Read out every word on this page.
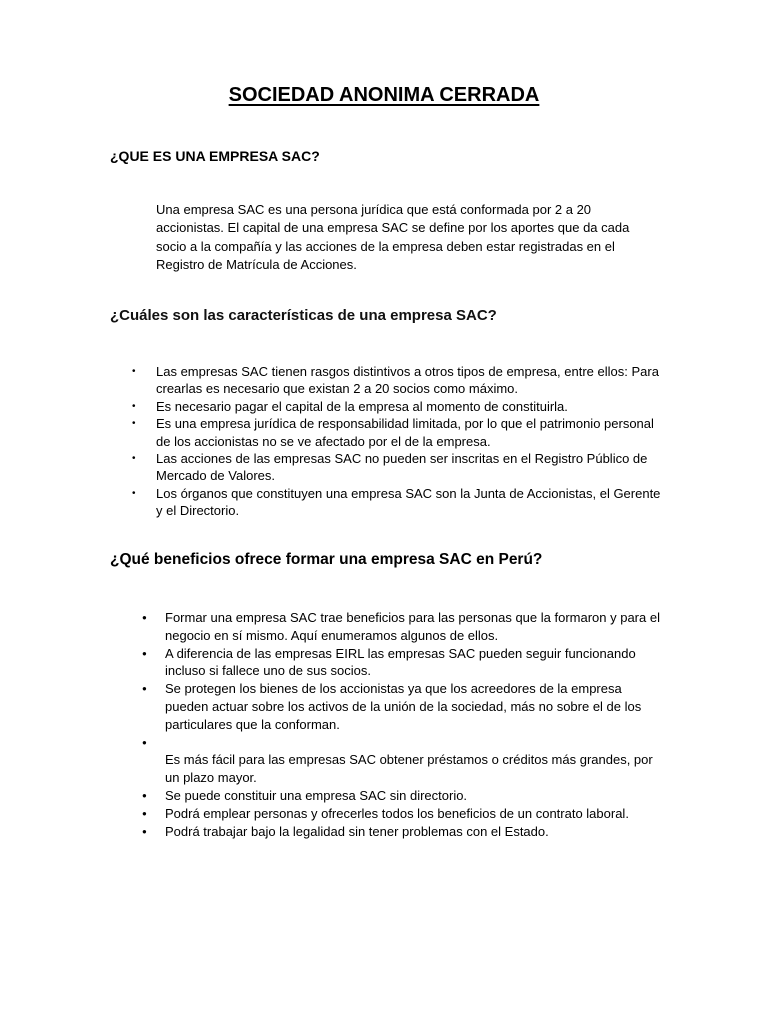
SOCIEDAD ANONIMA CERRADA
¿QUE ES UNA EMPRESA SAC?

Una empresa SAC es una persona jurídica que está conformada por 2 a 20 accionistas. El capital de una empresa SAC se define por los aportes que da cada socio a la compañía y las acciones de la empresa deben estar registradas en el Registro de Matrícula de Acciones.

¿Cuáles son las características de una empresa SAC?
• Las empresas SAC tienen rasgos distintivos a otros tipos de empresa, entre ellos: Para crearlas es necesario que existan 2 a 20 socios como máximo.
• Es necesario pagar el capital de la empresa al momento de constituirla.
• Es una empresa jurídica de responsabilidad limitada, por lo que el patrimonio personal de los accionistas no se ve afectado por el de la empresa.
• Las acciones de las empresas SAC no pueden ser inscritas en el Registro Público de Mercado de Valores.
• Los órganos que constituyen una empresa SAC son la Junta de Accionistas, el Gerente y el Directorio.
¿Qué beneficios ofrece formar una empresa SAC en Perú?
● Formar una empresa SAC trae beneficios para las personas que la formaron y para el negocio en sí mismo. Aquí enumeramos algunos de ellos.
● A diferencia de las empresas EIRL las empresas SAC pueden seguir funcionando incluso si fallece uno de sus socios.
● Se protegen los bienes de los accionistas ya que los acreedores de la empresa pueden actuar sobre los activos de la unión de la sociedad, más no sobre el de los particulares que la conforman.
●
Es más fácil para las empresas SAC obtener préstamos o créditos más grandes, por un plazo mayor.
● Se puede constituir una empresa SAC sin directorio.
● Podrá emplear personas y ofrecerles todos los beneficios de un contrato laboral.
● Podrá trabajar bajo la legalidad sin tener problemas con el Estado.
